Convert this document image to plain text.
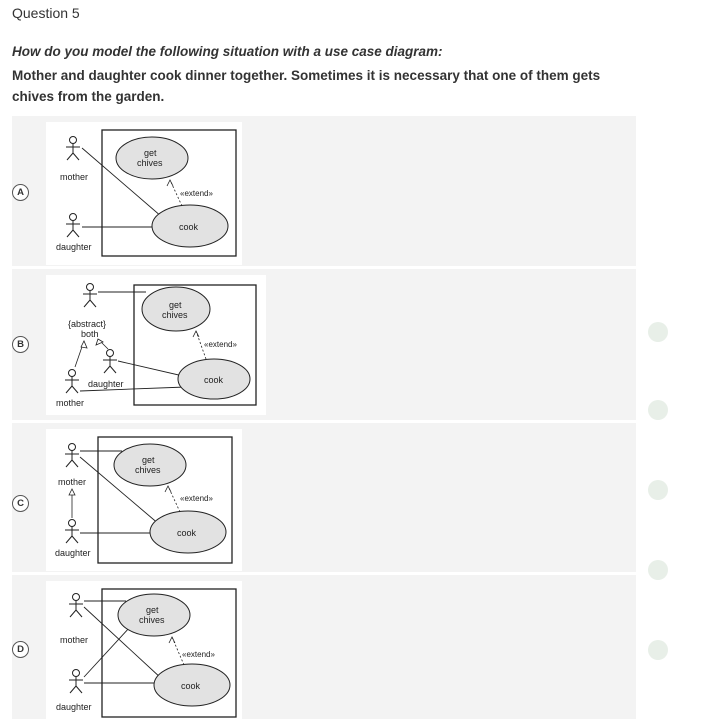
Question 5
How do you model the following situation with a use case diagram:
Mother and daughter cook dinner together. Sometimes it is necessary that one of them gets chives from the garden.
A
mother
daughter
get
chives
cook
«extend»
B
{abstract}
both
daughter
mother
get
chives
cook
«extend»
C
mother
daughter
get
chives
cook
«extend»
D
mother
daughter
get
chives
cook
«extend»
